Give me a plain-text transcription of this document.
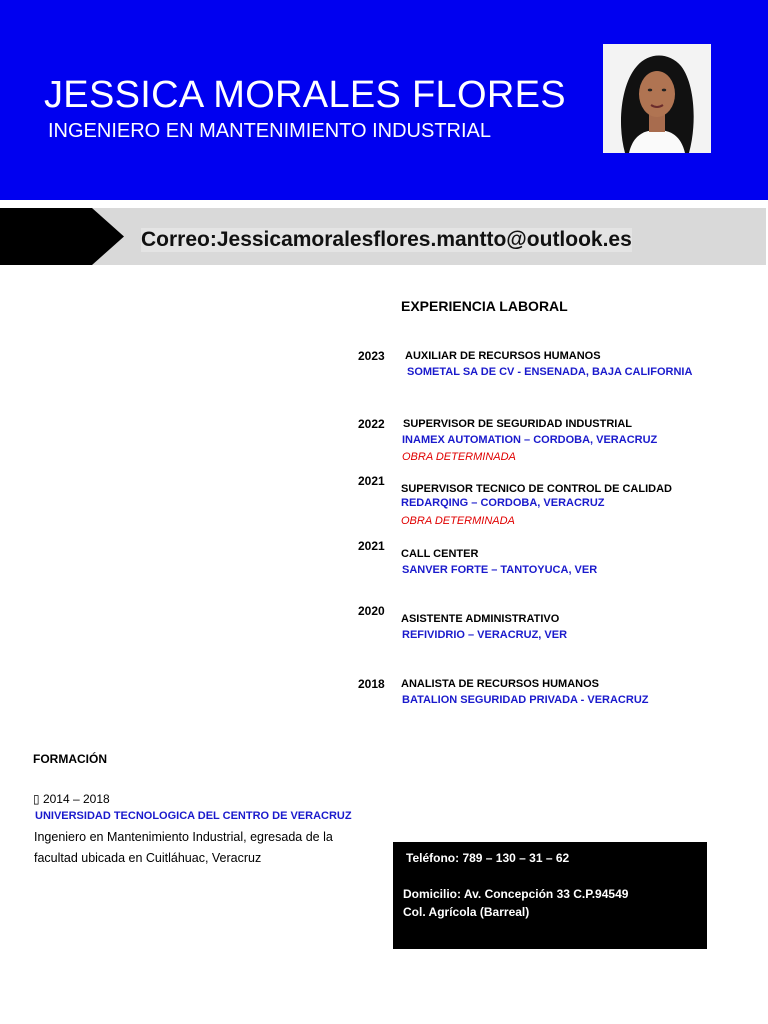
JESSICA MORALES FLORES
INGENIERO EN MANTENIMIENTO INDUSTRIAL
Correo:Jessicamoralesflores.mantto@outlook.es
EXPERIENCIA LABORAL
2023 AUXILIAR DE RECURSOS HUMANOS
SOMETAL SA DE CV - ENSENADA, BAJA CALIFORNIA
2022 SUPERVISOR DE SEGURIDAD INDUSTRIAL
INAMEX AUTOMATION – CORDOBA, VERACRUZ
OBRA DETERMINADA
2021
SUPERVISOR TECNICO DE CONTROL DE CALIDAD
REDARQING – CORDOBA, VERACRUZ
OBRA DETERMINADA
2021
CALL CENTER
SANVER FORTE – TANTOYUCA, VER
2020
ASISTENTE ADMINISTRATIVO
REFIVIDRIO – VERACRUZ, VER
2018 ANALISTA DE RECURSOS HUMANOS
BATALION SEGURIDAD PRIVADA - VERACRUZ
FORMACIÓN
▯ 2014 – 2018
UNIVERSIDAD TECNOLOGICA DEL CENTRO DE VERACRUZ
Ingeniero en Mantenimiento Industrial, egresada de la facultad ubicada en Cuitláhuac, Veracruz	Teléfono: 789 – 130 – 31 – 62
Domicilio: Av. Concepción 33 C.P.94549
Col. Agrícola (Barreal)
